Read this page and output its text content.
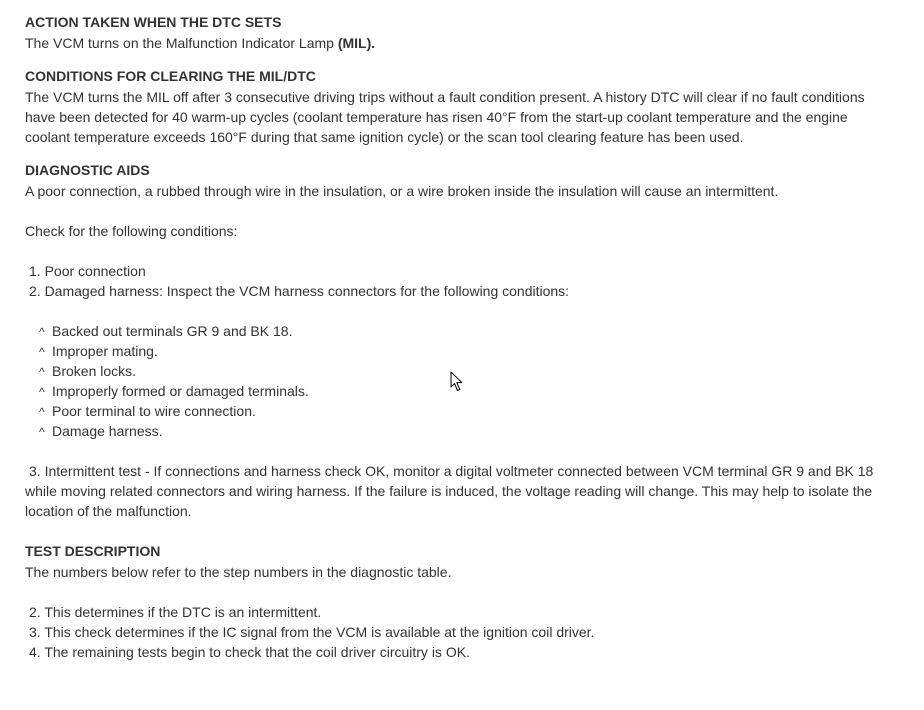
ACTION TAKEN WHEN THE DTC SETS
The VCM turns on the Malfunction Indicator Lamp (MIL).
CONDITIONS FOR CLEARING THE MIL/DTC
The VCM turns the MIL off after 3 consecutive driving trips without a fault condition present. A history DTC will clear if no fault conditions have been detected for 40 warm-up cycles (coolant temperature has risen 40°F from the start-up coolant temperature and the engine coolant temperature exceeds 160°F during that same ignition cycle) or the scan tool clearing feature has been used.
DIAGNOSTIC AIDS
A poor connection, a rubbed through wire in the insulation, or a wire broken inside the insulation will cause an intermittent.
Check for the following conditions:
1. Poor connection
2. Damaged harness: Inspect the VCM harness connectors for the following conditions:
^ Backed out terminals GR 9 and BK 18.
^ Improper mating.
^ Broken locks.
^ Improperly formed or damaged terminals.
^ Poor terminal to wire connection.
^ Damage harness.
3. Intermittent test - If connections and harness check OK, monitor a digital voltmeter connected between VCM terminal GR 9 and BK 18 while moving related connectors and wiring harness. If the failure is induced, the voltage reading will change. This may help to isolate the location of the malfunction.
TEST DESCRIPTION
The numbers below refer to the step numbers in the diagnostic table.
2. This determines if the DTC is an intermittent.
3. This check determines if the IC signal from the VCM is available at the ignition coil driver.
4. The remaining tests begin to check that the coil driver circuitry is OK.
